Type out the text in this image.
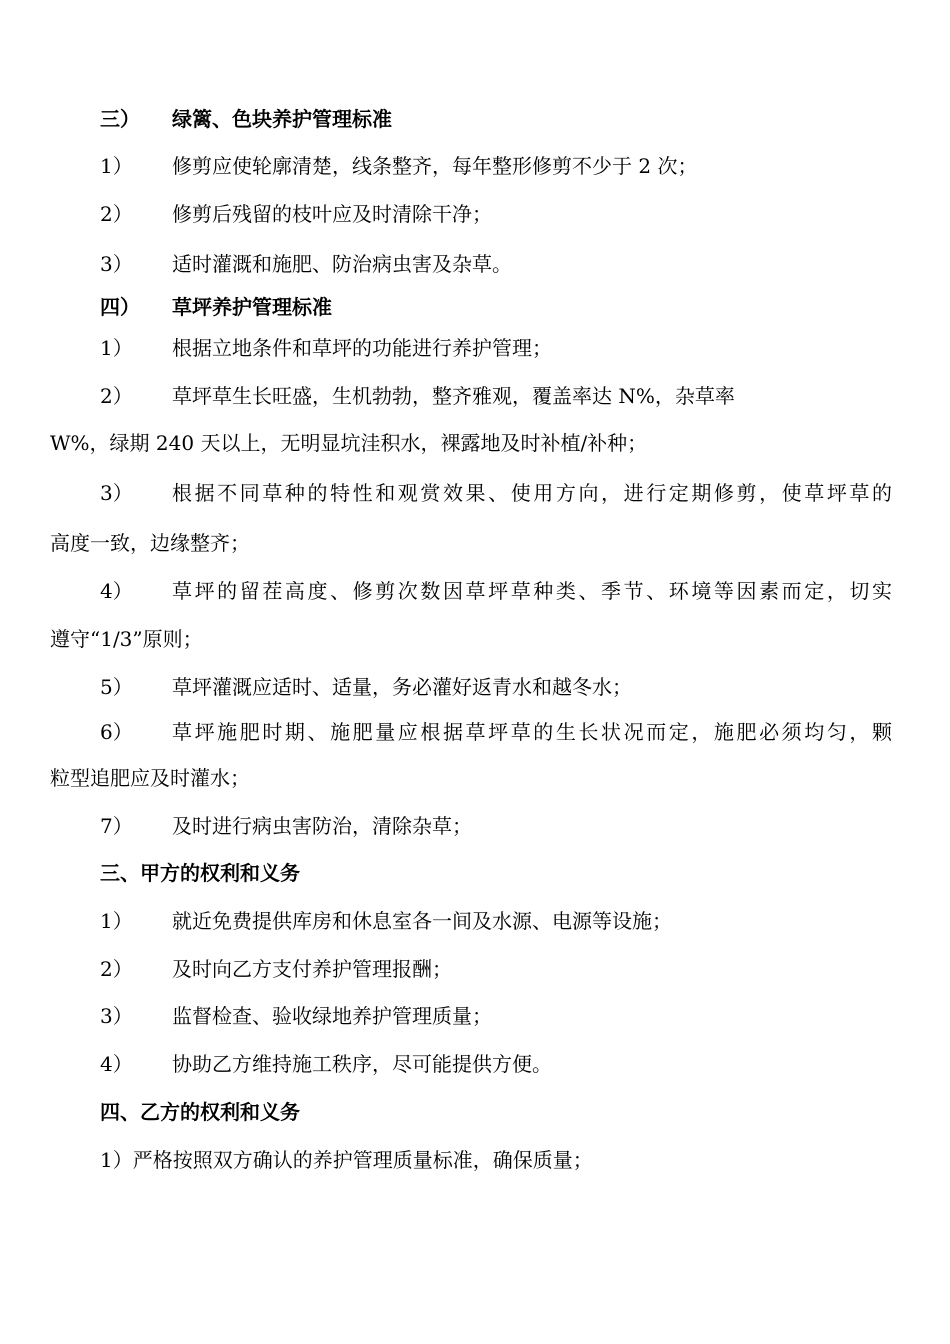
三） 绿篱、色块养护管理标准
1） 修剪应使轮廓清楚，线条整齐，每年整形修剪不少于 2 次；
2） 修剪后残留的枝叶应及时清除干净；
3） 适时灌溉和施肥、防治病虫害及杂草。
四） 草坪养护管理标准
1） 根据立地条件和草坪的功能进行养护管理；
2） 草坪草生长旺盛，生机勃勃，整齐雅观，覆盖率达 N%，杂草率
W%，绿期 240 天以上，无明显坑洼积水，裸露地及时补植/补种；
3） 根据不同草种的特性和观赏效果、使用方向，进行定期修剪，使草坪草的
高度一致，边缘整齐；
4） 草坪的留茬高度、修剪次数因草坪草种类、季节、环境等因素而定，切实
遵守“1/3”原则；
5） 草坪灌溉应适时、适量，务必灌好返青水和越冬水；
6） 草坪施肥时期、施肥量应根据草坪草的生长状况而定，施肥必须均匀，颗
粒型追肥应及时灌水；
7） 及时进行病虫害防治，清除杂草；
三、甲方的权利和义务
1） 就近免费提供库房和休息室各一间及水源、电源等设施；
2） 及时向乙方支付养护管理报酬；
3） 监督检查、验收绿地养护管理质量；
4） 协助乙方维持施工秩序，尽可能提供方便。
四、乙方的权利和义务
1）严格按照双方确认的养护管理质量标准，确保质量；
